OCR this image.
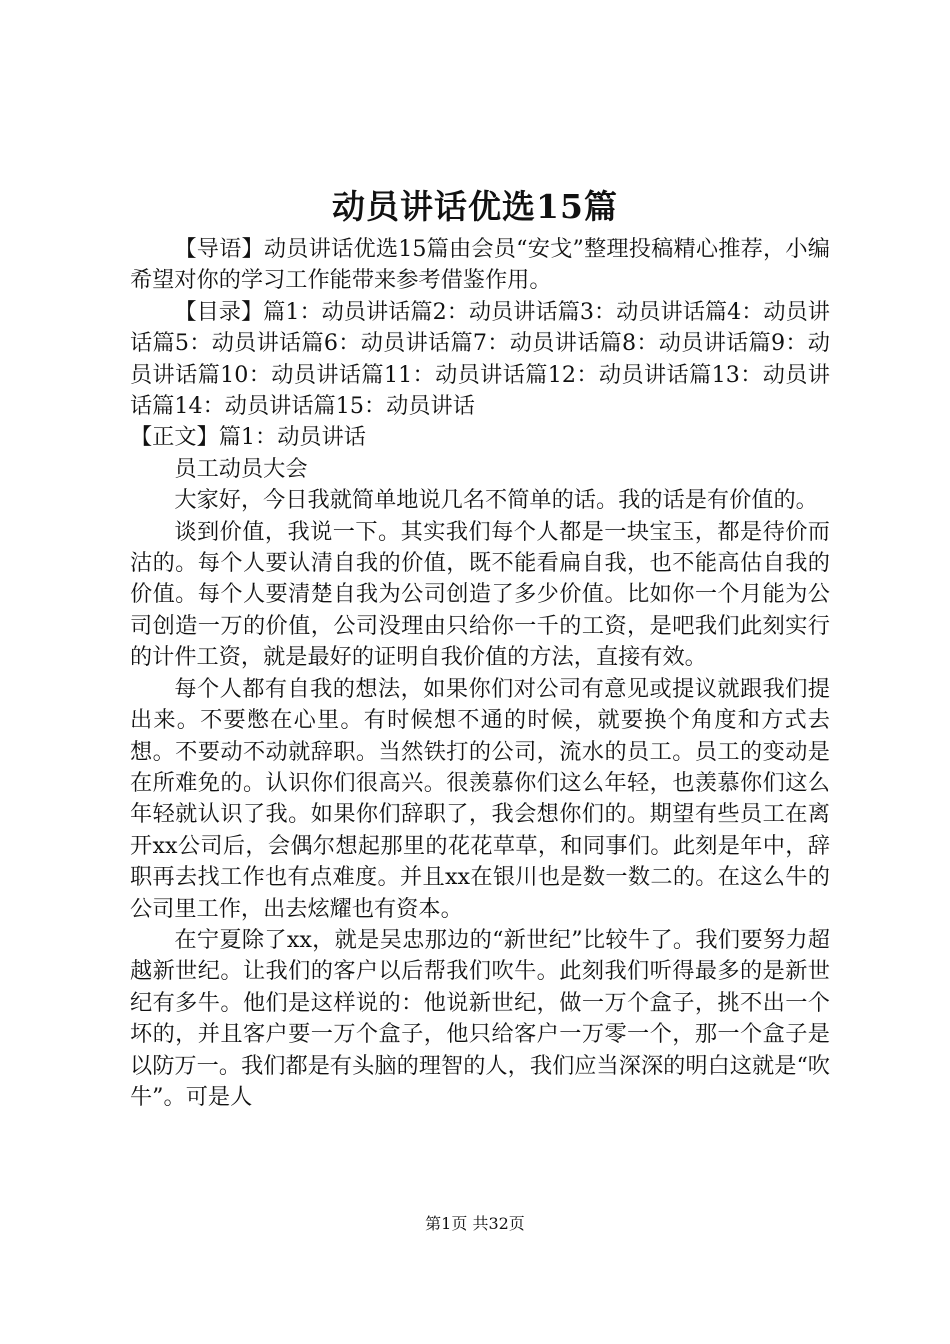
动员讲话优选15篇

【导语】动员讲话优选15篇由会员“安戈”整理投稿精心推荐，小编希望对你的学习工作能带来参考借鉴作用。

【目录】篇1：动员讲话篇2：动员讲话篇3：动员讲话篇4：动员讲话篇5：动员讲话篇6：动员讲话篇7：动员讲话篇8：动员讲话篇9：动员讲话篇10：动员讲话篇11：动员讲话篇12：动员讲话篇13：动员讲话篇14：动员讲话篇15：动员讲话

【正文】篇1：动员讲话

员工动员大会

大家好，今日我就简单地说几名不简单的话。我的话是有价值的。

谈到价值，我说一下。其实我们每个人都是一块宝玉，都是待价而沽的。每个人要认清自我的价值，既不能看扁自我，也不能高估自我的价值。每个人要清楚自我为公司创造了多少价值。比如你一个月能为公司创造一万的价值，公司没理由只给你一千的工资，是吧我们此刻实行的计件工资，就是最好的证明自我价值的方法，直接有效。

每个人都有自我的想法，如果你们对公司有意见或提议就跟我们提出来。不要憋在心里。有时候想不通的时候，就要换个角度和方式去想。不要动不动就辞职。当然铁打的公司，流水的员工。员工的变动是在所难免的。认识你们很高兴。很羡慕你们这么年轻，也羡慕你们这么年轻就认识了我。如果你们辞职了，我会想你们的。期望有些员工在离开xx公司后，会偶尔想起那里的花花草草，和同事们。此刻是年中，辞职再去找工作也有点难度。并且xx在银川也是数一数二的。在这么牛的公司里工作，出去炫耀也有资本。

在宁夏除了xx，就是吴忠那边的“新世纪”比较牛了。我们要努力超越新世纪。让我们的客户以后帮我们吹牛。此刻我们听得最多的是新世纪有多牛。他们是这样说的：他说新世纪，做一万个盒子，挑不出一个坏的，并且客户要一万个盒子，他只给客户一万零一个，那一个盒子是以防万一。我们都是有头脑的理智的人，我们应当深深的明白这就是“吹牛”。可是人

第1页 共32页
